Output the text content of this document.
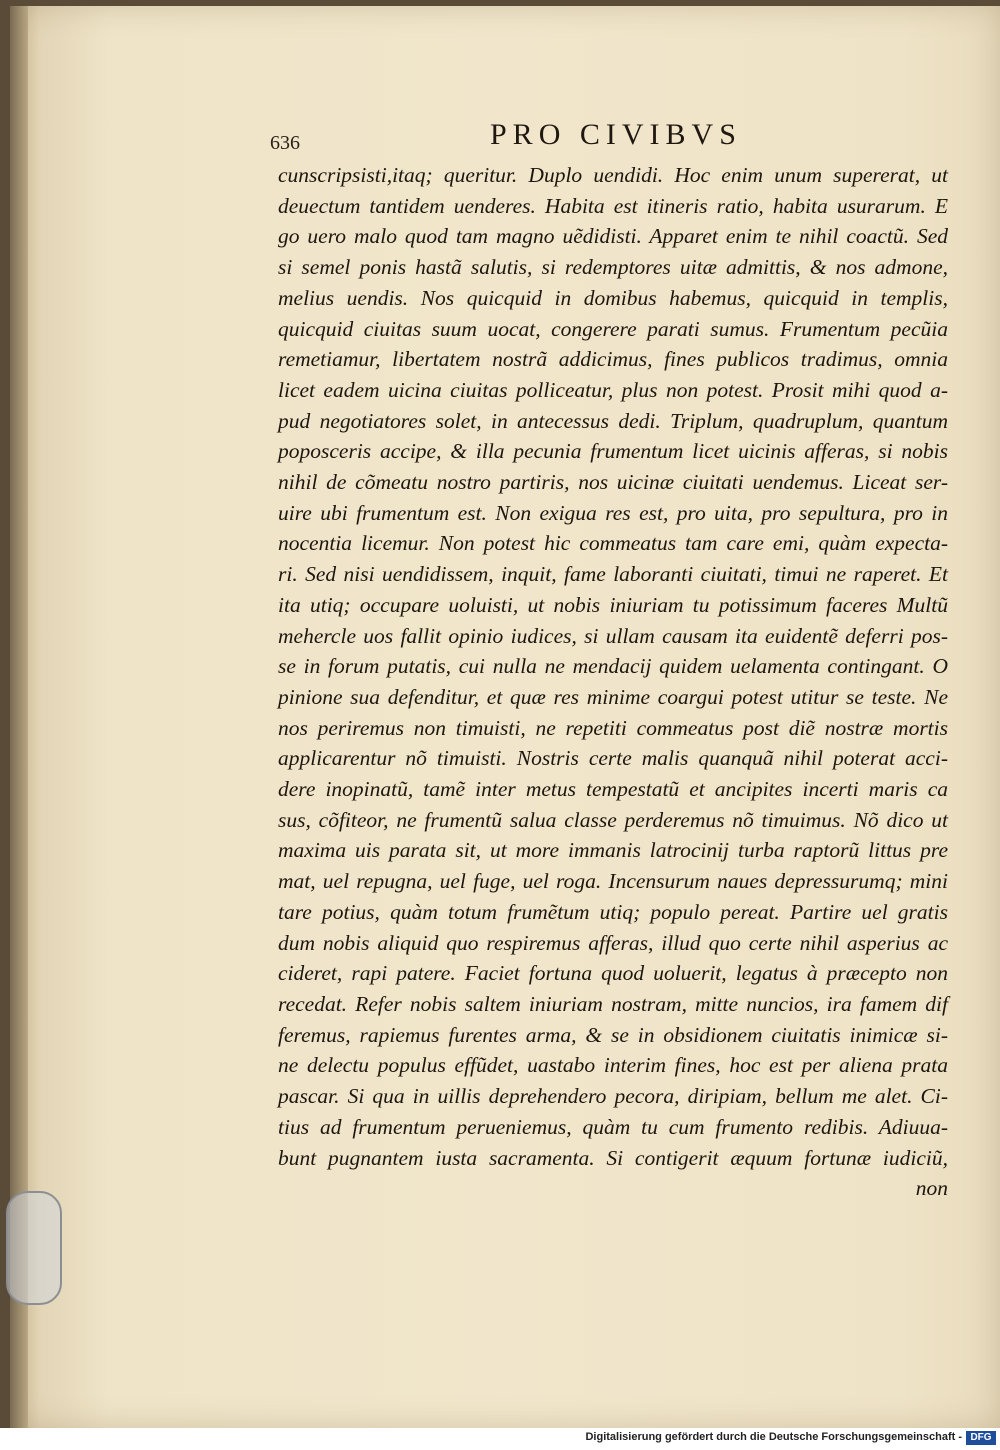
636	PRO CIVIBVS
cunscripsisti,itaq; queritur. Duplo uendidi. Hoc enim unum supererat, ut
deuectum tantidem uenderes. Habita est itineris ratio, habita usurarum. E
go uero malo quod tam magno uẽdidisti. Apparet enim te nihil coactũ. Sed
si semel ponis hastã salutis, si redemptores uitæ admittis, & nos admone,
melius uendis. Nos quicquid in domibus habemus, quicquid in templis,
quicquid ciuitas suum uocat, congerere parati sumus. Frumentum pecũia
remetiamur, libertatem nostrã addicimus, fines publicos tradimus, omnia
licet eadem uicina ciuitas polliceatur, plus non potest. Prosit mihi quod a-
pud negotiatores solet, in antecessus dedi. Triplum, quadruplum, quantum
poposceris accipe, & illa pecunia frumentum licet uicinis afferas, si nobis
nihil de cõmeatu nostro partiris, nos uicinæ ciuitati uendemus. Liceat ser-
uire ubi frumentum est. Non exigua res est, pro uita, pro sepultura, pro in
nocentia licemur. Non potest hic commeatus tam care emi, quàm expecta-
ri. Sed nisi uendidissem, inquit, fame laboranti ciuitati, timui ne raperet. Et
ita utiq; occupare uoluisti, ut nobis iniuriam tu potissimum faceres Multũ
mehercle uos fallit opinio iudices, si ullam causam ita euidentẽ deferri pos-
se in forum putatis, cui nulla ne mendacij quidem uelamenta contingant. O
pinione sua defenditur, et quæ res minime coargui potest utitur se teste. Ne
nos periremus non timuisti, ne repetiti commeatus post diẽ nostræ mortis
applicarentur nõ timuisti. Nostris certe malis quanquã nihil poterat acci-
dere inopinatũ, tamẽ inter metus tempestatũ et ancipites incerti maris ca
sus, cõfiteor, ne frumentũ salua classe perderemus nõ timuimus. Nõ dico ut
maxima uis parata sit, ut more immanis latrocinij turba raptorũ littus pre
mat, uel repugna, uel fuge, uel roga. Incensurum naues depressurumq; mini
tare potius, quàm totum frumẽtum utiq; populo pereat. Partire uel gratis
dum nobis aliquid quo respiremus afferas, illud quo certe nihil asperius ac
cideret, rapi patere. Faciet fortuna quod uoluerit, legatus à præcepto non
recedat. Refer nobis saltem iniuriam nostram, mitte nuncios, ira famem dif
feremus, rapiemus furentes arma, & se in obsidionem ciuitatis inimicæ si-
ne delectu populus effũdet, uastabo interim fines, hoc est per aliena prata
pascar. Si qua in uillis deprehendero pecora, diripiam, bellum me alet. Ci-
tius ad frumentum perueniemus, quàm tu cum frumento redibis. Adiuua-
bunt pugnantem iusta sacramenta. Si contigerit æquum fortunæ iudiciũ,
non
Digitalisierung gefördert durch die Deutsche Forschungsgemeinschaft - DFG
